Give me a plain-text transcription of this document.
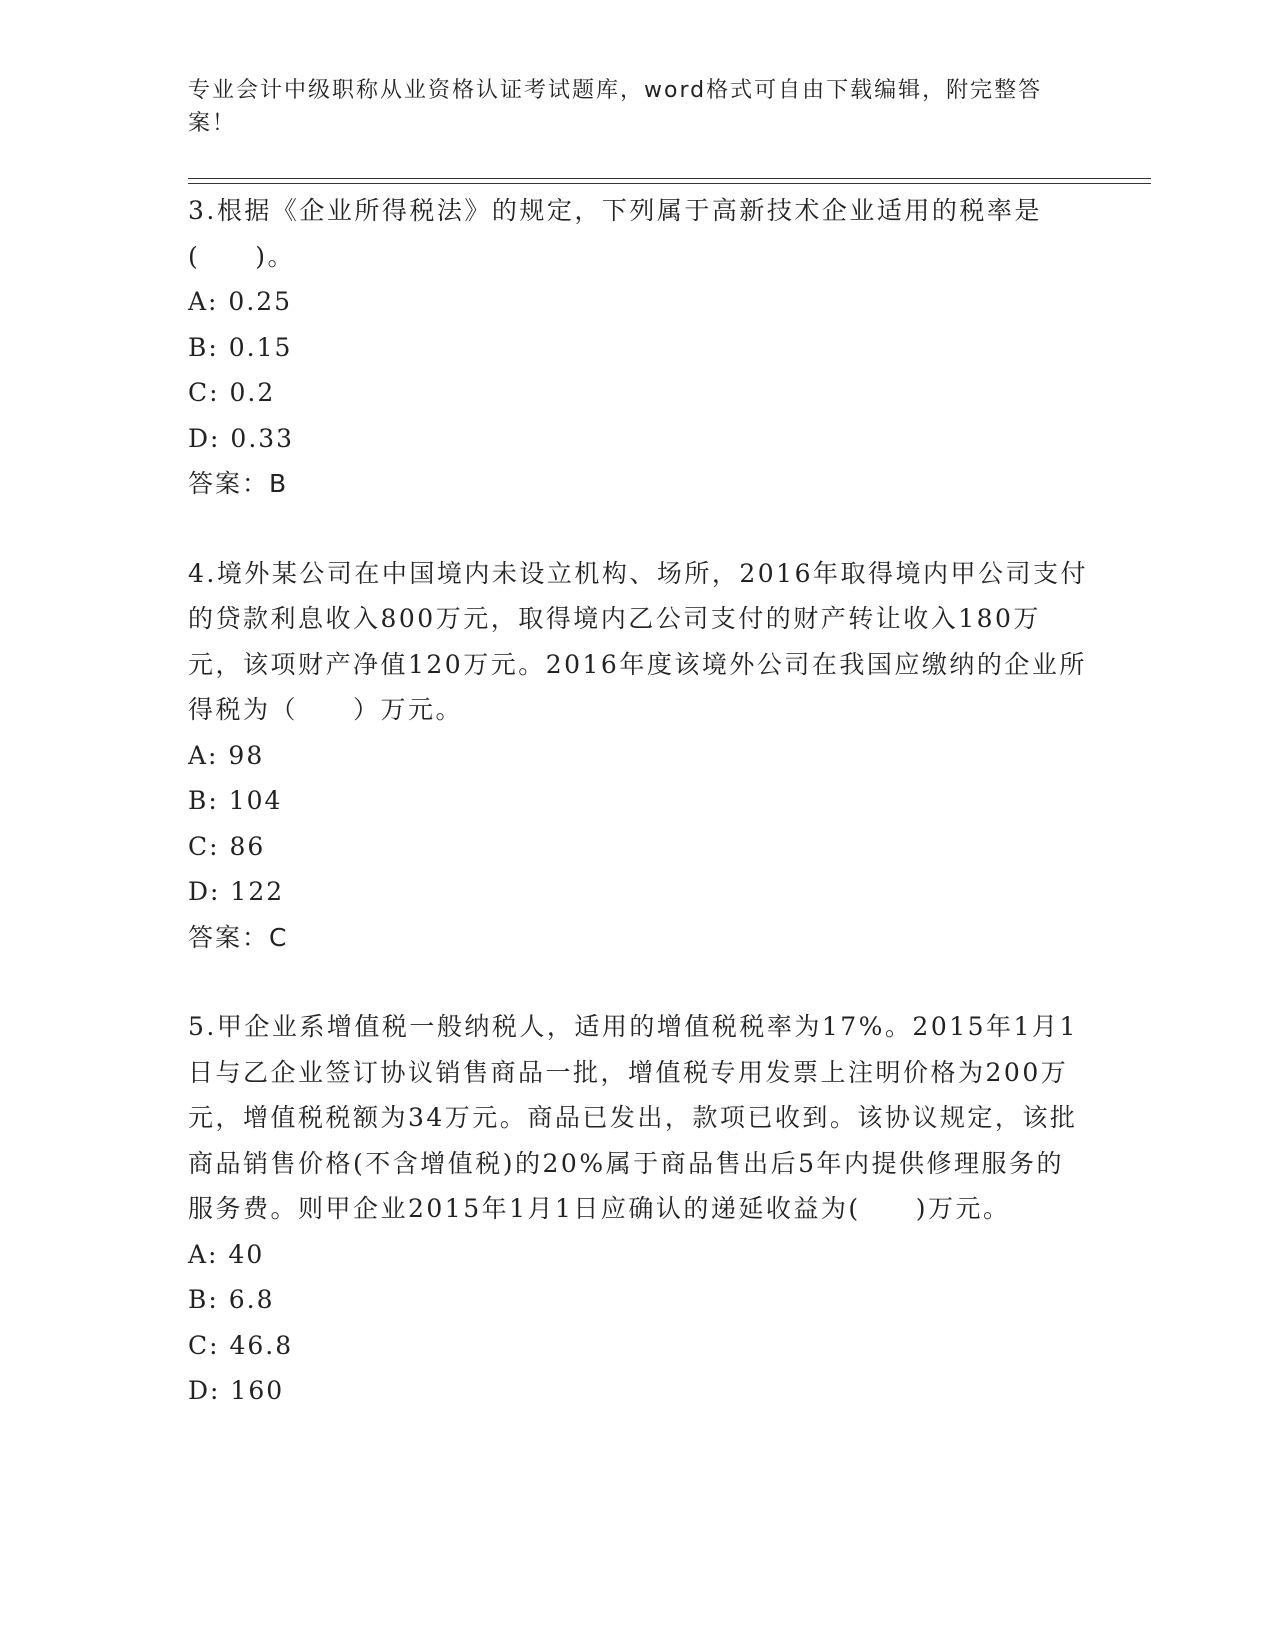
专业会计中级职称从业资格认证考试题库，word格式可自由下载编辑，附完整答案！

3.根据《企业所得税法》的规定，下列属于高新技术企业适用的税率是(　　)。

A: 0.25
B: 0.15
C: 0.2
D: 0.33
答案：B

4.境外某公司在中国境内未设立机构、场所，2016年取得境内甲公司支付的贷款利息收入800万元，取得境内乙公司支付的财产转让收入180万元，该项财产净值120万元。2016年度该境外公司在我国应缴纳的企业所得税为（　　）万元。

A: 98
B: 104
C: 86
D: 122
答案：C

5.甲企业系增值税一般纳税人，适用的增值税税率为17%。2015年1月1日与乙企业签订协议销售商品一批，增值税专用发票上注明价格为200万元，增值税税额为34万元。商品已发出，款项已收到。该协议规定，该批商品销售价格(不含增值税)的20%属于商品售出后5年内提供修理服务的服务费。则甲企业2015年1月1日应确认的递延收益为(　　)万元。

A: 40
B: 6.8
C: 46.8
D: 160
